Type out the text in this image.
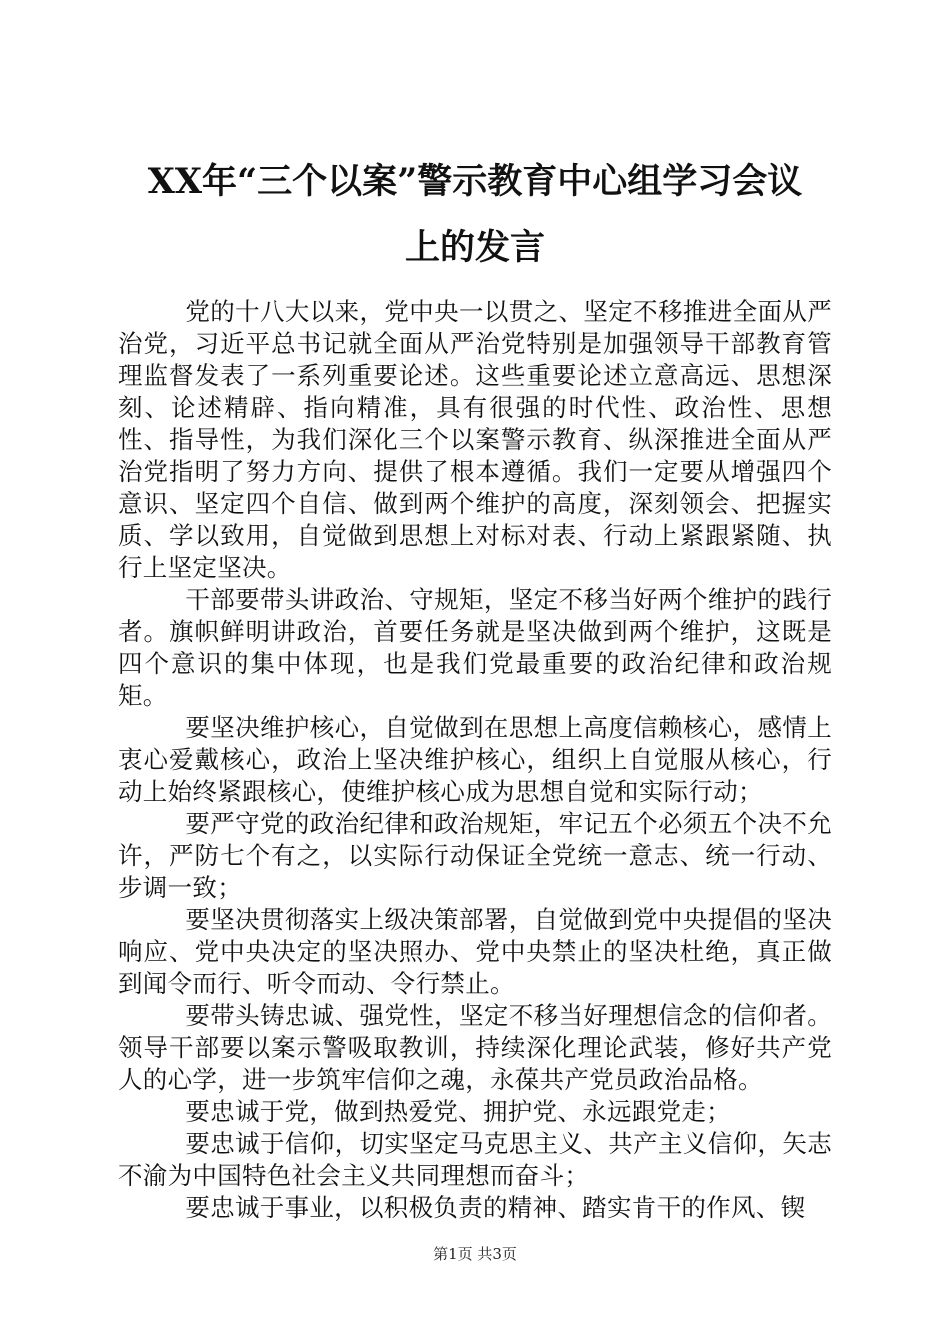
XX年“三个以案”警示教育中心组学习会议
上的发言

党的十八大以来，党中央一以贯之、坚定不移推进全面从严治党，习近平总书记就全面从严治党特别是加强领导干部教育管理监督发表了一系列重要论述。这些重要论述立意高远、思想深刻、论述精辟、指向精准，具有很强的时代性、政治性、思想性、指导性，为我们深化三个以案警示教育、纵深推进全面从严治党指明了努力方向、提供了根本遵循。我们一定要从增强四个意识、坚定四个自信、做到两个维护的高度，深刻领会、把握实质、学以致用，自觉做到思想上对标对表、行动上紧跟紧随、执行上坚定坚决。

干部要带头讲政治、守规矩，坚定不移当好两个维护的践行者。旗帜鲜明讲政治，首要任务就是坚决做到两个维护，这既是四个意识的集中体现，也是我们党最重要的政治纪律和政治规矩。

要坚决维护核心，自觉做到在思想上高度信赖核心，感情上衷心爱戴核心，政治上坚决维护核心，组织上自觉服从核心，行动上始终紧跟核心，使维护核心成为思想自觉和实际行动；

要严守党的政治纪律和政治规矩，牢记五个必须五个决不允许，严防七个有之，以实际行动保证全党统一意志、统一行动、步调一致；

要坚决贯彻落实上级决策部署，自觉做到党中央提倡的坚决响应、党中央决定的坚决照办、党中央禁止的坚决杜绝，真正做到闻令而行、听令而动、令行禁止。

要带头铸忠诚、强党性，坚定不移当好理想信念的信仰者。领导干部要以案示警吸取教训，持续深化理论武装，修好共产党人的心学，进一步筑牢信仰之魂，永葆共产党员政治品格。

要忠诚于党，做到热爱党、拥护党、永远跟党走；

要忠诚于信仰，切实坚定马克思主义、共产主义信仰，矢志不渝为中国特色社会主义共同理想而奋斗；

要忠诚于事业，以积极负责的精神、踏实肯干的作风、锲

第1页 共3页
